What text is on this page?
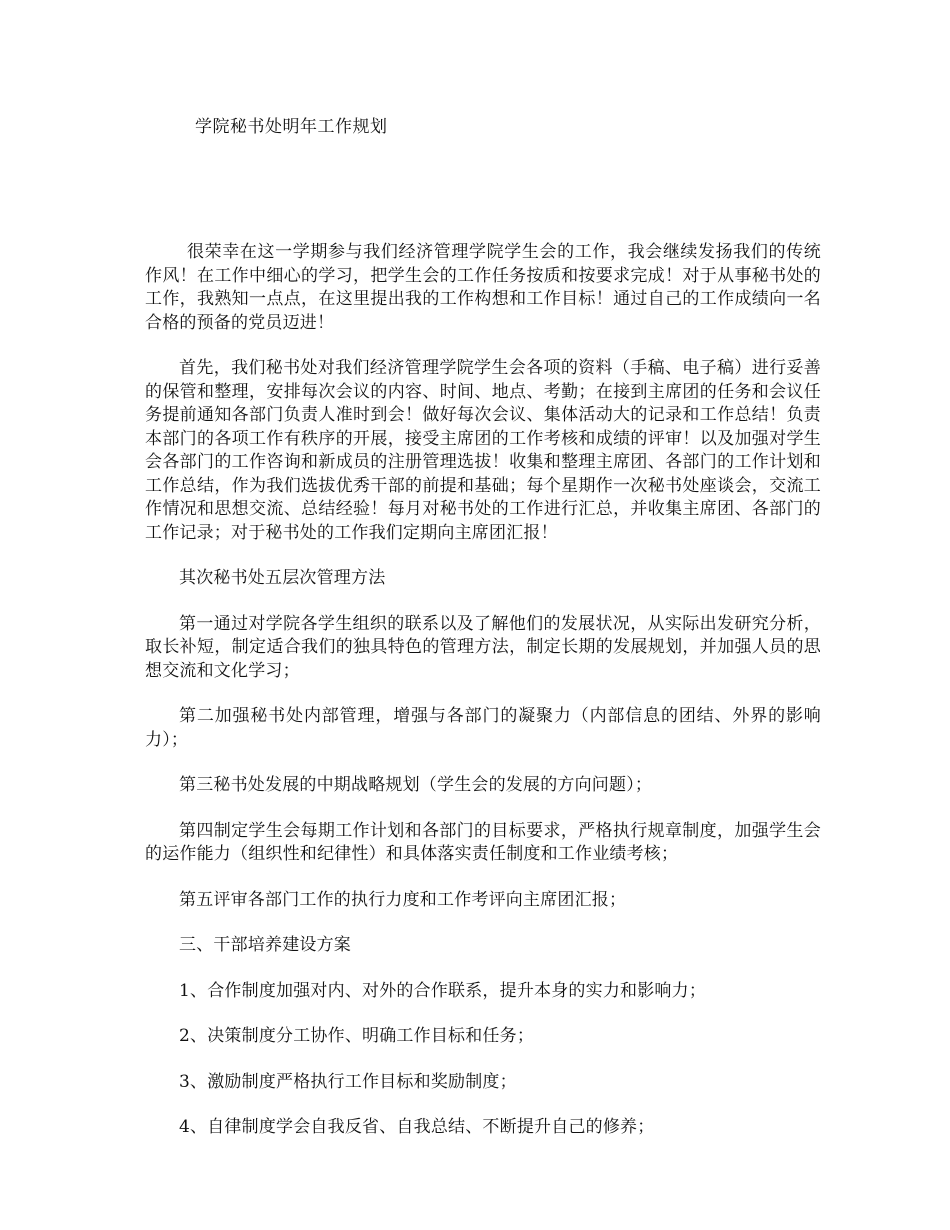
学院秘书处明年工作规划

很荣幸在这一学期参与我们经济管理学院学生会的工作，我会继续发扬我们的传统作风！在工作中细心的学习，把学生会的工作任务按质和按要求完成！对于从事秘书处的工作，我熟知一点点，在这里提出我的工作构想和工作目标！通过自己的工作成绩向一名合格的预备的党员迈进！

首先，我们秘书处对我们经济管理学院学生会各项的资料（手稿、电子稿）进行妥善的保管和整理，安排每次会议的内容、时间、地点、考勤；在接到主席团的任务和会议任务提前通知各部门负责人准时到会！做好每次会议、集体活动大的记录和工作总结！负责本部门的各项工作有秩序的开展，接受主席团的工作考核和成绩的评审！以及加强对学生会各部门的工作咨询和新成员的注册管理选拔！收集和整理主席团、各部门的工作计划和工作总结，作为我们选拔优秀干部的前提和基础；每个星期作一次秘书处座谈会，交流工作情况和思想交流、总结经验！每月对秘书处的工作进行汇总，并收集主席团、各部门的工作记录；对于秘书处的工作我们定期向主席团汇报！

其次秘书处五层次管理方法

第一通过对学院各学生组织的联系以及了解他们的发展状况，从实际出发研究分析，取长补短，制定适合我们的独具特色的管理方法，制定长期的发展规划，并加强人员的思想交流和文化学习；

第二加强秘书处内部管理，增强与各部门的凝聚力（内部信息的团结、外界的影响力）；

第三秘书处发展的中期战略规划（学生会的发展的方向问题）；

第四制定学生会每期工作计划和各部门的目标要求，严格执行规章制度，加强学生会的运作能力（组织性和纪律性）和具体落实责任制度和工作业绩考核；

第五评审各部门工作的执行力度和工作考评向主席团汇报；

三、干部培养建设方案

1、合作制度加强对内、对外的合作联系，提升本身的实力和影响力；

2、决策制度分工协作、明确工作目标和任务；

3、激励制度严格执行工作目标和奖励制度；

4、自律制度学会自我反省、自我总结、不断提升自己的修养；
